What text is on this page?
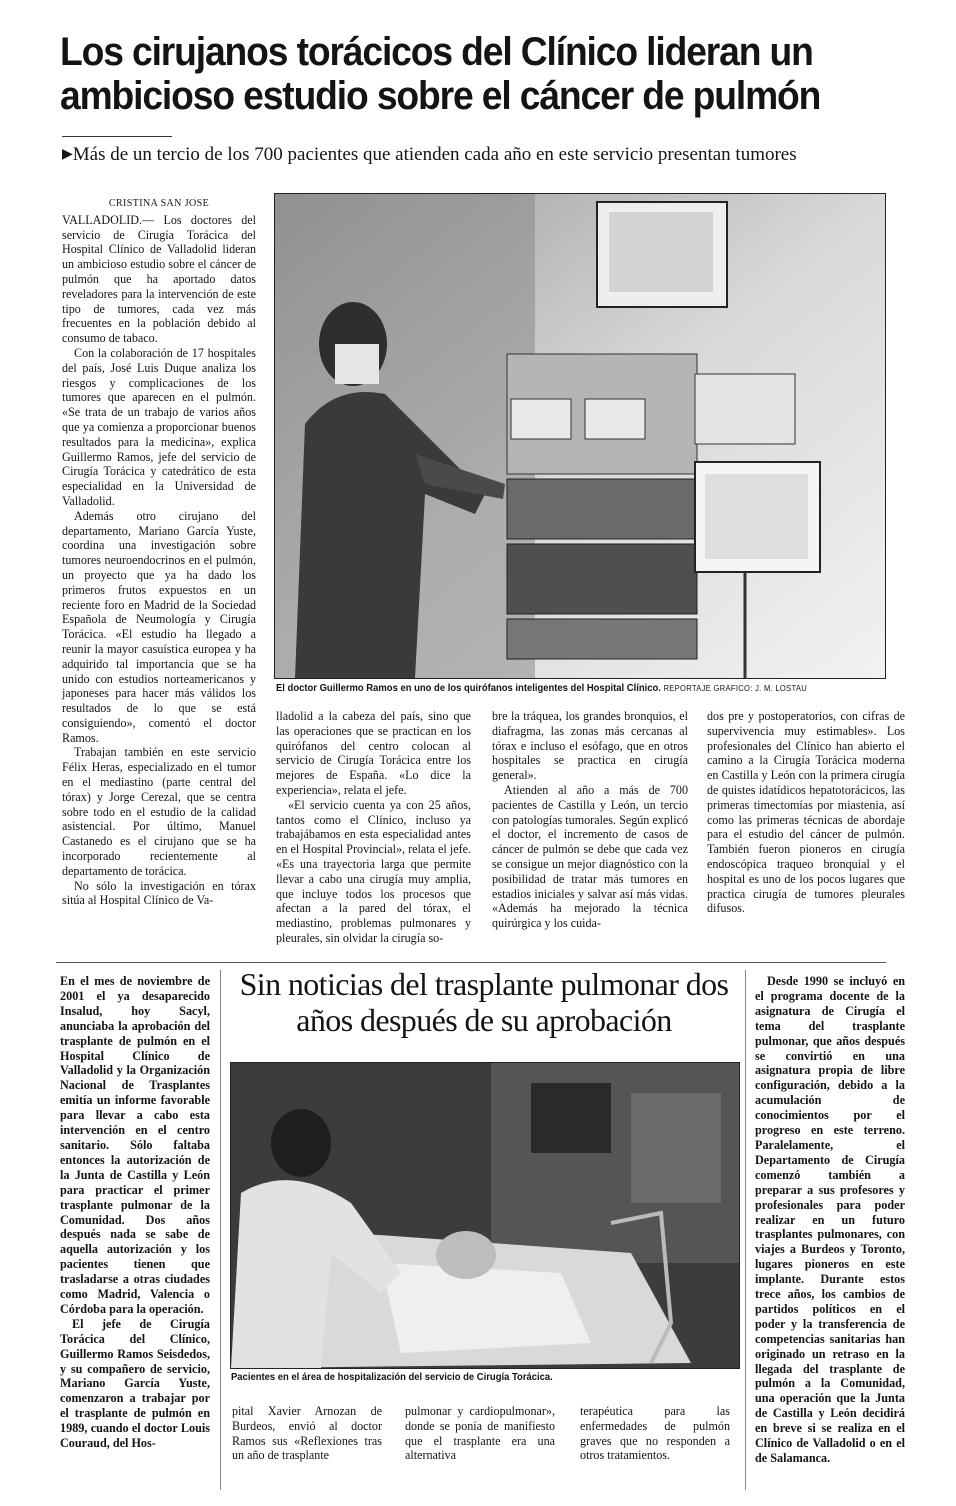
Los cirujanos torácicos del Clínico lideran un ambicioso estudio sobre el cáncer de pulmón
▶Más de un tercio de los 700 pacientes que atienden cada año en este servicio presentan tumores
CRISTINA SAN JOSE

VALLADOLID.— Los doctores del servicio de Cirugía Torácica del Hospital Clínico de Valladolid lideran un ambicioso estudio sobre el cáncer de pulmón que ha aportado datos reveladores para la intervención de este tipo de tumores, cada vez más frecuentes en la población debido al consumo de tabaco.

Con la colaboración de 17 hospitales del país, José Luis Duque analiza los riesgos y complicaciones de los tumores que aparecen en el pulmón. «Se trata de un trabajo de varios años que ya comienza a proporcionar buenos resultados para la medicina», explica Guillermo Ramos, jefe del servicio de Cirugía Torácica y catedrático de esta especialidad en la Universidad de Valladolid.

Además otro cirujano del departamento, Mariano García Yuste, coordina una investigación sobre tumores neuroendocrinos en el pulmón, un proyecto que ya ha dado los primeros frutos expuestos en un reciente foro en Madrid de la Sociedad Española de Neumología y Cirugía Torácica. «El estudio ha llegado a reunir la mayor casuística europea y ha adquirido tal importancia que se ha unido con estudios norteamericanos y japoneses para hacer más válidos los resultados de lo que se está consiguiendo», comentó el doctor Ramos.

Trabajan también en este servicio Félix Heras, especializado en el tumor en el mediastino (parte central del tórax) y Jorge Cerezal, que se centra sobre todo en el estudio de la calidad asistencial. Por último, Manuel Castanedo es el cirujano que se ha incorporado recientemente al departamento de torácica.

No sólo la investigación en tórax sitúa al Hospital Clínico de Va-

El doctor Guillermo Ramos en uno de los quirófanos inteligentes del Hospital Clínico. REPORTAJE GRAFICO: J. M. LOSTAU

lladolid a la cabeza del país, sino que las operaciones que se practican en los quirófanos del centro colocan al servicio de Cirugía Torácica entre los mejores de España. «Lo dice la experiencia», relata el jefe.

«El servicio cuenta ya con 25 años, tantos como el Clínico, incluso ya trabajábamos en esta especialidad antes en el Hospital Provincial», relata el jefe. «Es una trayectoria larga que permite llevar a cabo una cirugía muy amplia, que incluye todos los procesos que afectan a la pared del tórax, el mediastino, problemas pulmonares y pleurales, sin olvidar la cirugía so-

bre la tráquea, los grandes bronquios, el diafragma, las zonas más cercanas al tórax e incluso el esófago, que en otros hospitales se practica en cirugía general».

Atienden al año a más de 700 pacientes de Castilla y León, un tercio con patologías tumorales. Según explicó el doctor, el incremento de casos de cáncer de pulmón se debe que cada vez se consigue un mejor diagnóstico con la posibilidad de tratar más tumores en estadios iniciales y salvar así más vidas. «Además ha mejorado la técnica quirúrgica y los cuida-

dos pre y postoperatorios, con cifras de supervivencia muy estimables». Los profesionales del Clínico han abierto el camino a la Cirugía Torácica moderna en Castilla y León con la primera cirugía de quistes idatídicos hepatotorácicos, las primeras timectomías por miastenia, así como las primeras técnicas de abordaje para el estudio del cáncer de pulmón. También fueron pioneros en cirugía endoscópica traqueo bronquial y el hospital es uno de los pocos lugares que practica cirugía de tumores pleurales difusos.

En el mes de noviembre de 2001 el ya desaparecido Insalud, hoy Sacyl, anunciaba la aprobación del trasplante de pulmón en el Hospital Clínico de Valladolid y la Organización Nacional de Trasplantes emitía un informe favorable para llevar a cabo esta intervención en el centro sanitario. Sólo faltaba entonces la autorización de la Junta de Castilla y León para practicar el primer trasplante pulmonar de la Comunidad. Dos años después nada se sabe de aquella autorización y los pacientes tienen que trasladarse a otras ciudades como Madrid, Valencia o Córdoba para la operación.

El jefe de Cirugía Torácica del Clínico, Guillermo Ramos Seisdedos, y su compañero de servicio, Mariano García Yuste, comenzaron a trabajar por el trasplante de pulmón en 1989, cuando el doctor Louis Couraud, del Hos-

Sin noticias del trasplante pulmonar dos años después de su aprobación
Pacientes en el área de hospitalización del servicio de Cirugía Torácica.

pital Xavier Arnozan de Burdeos, envió al doctor Ramos sus «Reflexiones tras un año de trasplante

pulmonar y cardiopulmonar», donde se ponía de manifiesto que el trasplante era una alternativa

terapéutica para las enfermedades de pulmón graves que no responden a otros tratamientos.

Desde 1990 se incluyó en el programa docente de la asignatura de Cirugía el tema del trasplante pulmonar, que años después se convirtió en una asignatura propia de libre configuración, debido a la acumulación de conocimientos por el progreso en este terreno. Paralelamente, el Departamento de Cirugía comenzó también a preparar a sus profesores y profesionales para poder realizar en un futuro trasplantes pulmonares, con viajes a Burdeos y Toronto, lugares pioneros en este implante. Durante estos trece años, los cambios de partidos políticos en el poder y la transferencia de competencias sanitarias han originado un retraso en la llegada del trasplante de pulmón a la Comunidad, una operación que la Junta de Castilla y León decidirá en breve si se realiza en el Clínico de Valladolid o en el de Salamanca.
